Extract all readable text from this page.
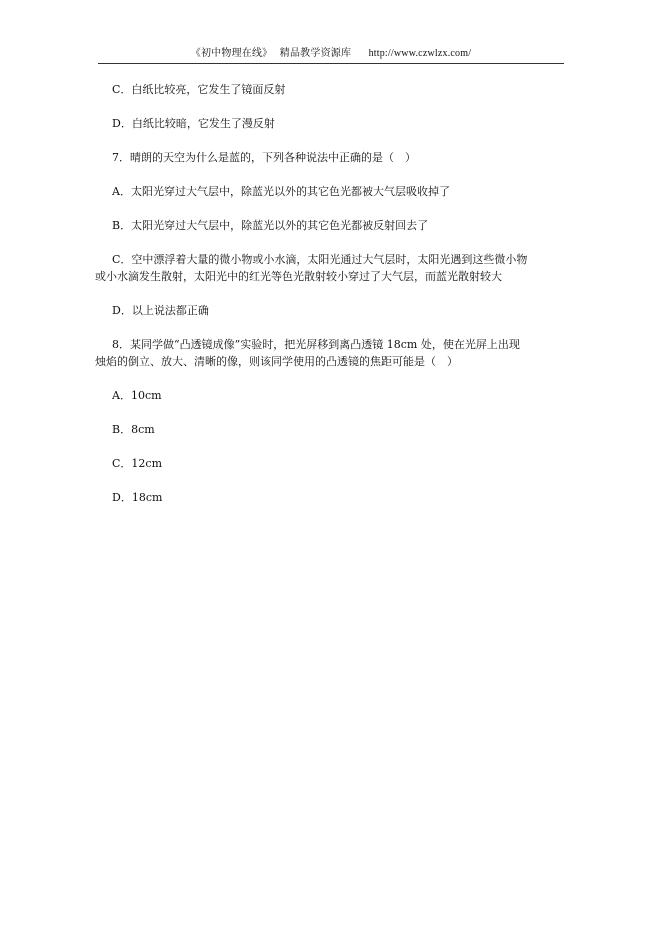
《初中物理在线》 精品教学资源库 http://www.czwlzx.com/

C．白纸比较亮，它发生了镜面反射

D．白纸比较暗，它发生了漫反射

7．晴朗的天空为什么是蓝的，下列各种说法中正确的是（　）

A．太阳光穿过大气层中，除蓝光以外的其它色光都被大气层吸收掉了

B．太阳光穿过大气层中，除蓝光以外的其它色光都被反射回去了

C．空中漂浮着大量的微小物或小水滴，太阳光通过大气层时，太阳光遇到这些微小物

或小水滴发生散射，太阳光中的红光等色光散射较小穿过了大气层，而蓝光散射较大

D．以上说法都正确

8．某同学做“凸透镜成像”实验时，把光屏移到离凸透镜 18cm 处，使在光屏上出现

烛焰的倒立、放大、清晰的像，则该同学使用的凸透镜的焦距可能是（　）

A．10cm

B．8cm

C．12cm

D．18cm
